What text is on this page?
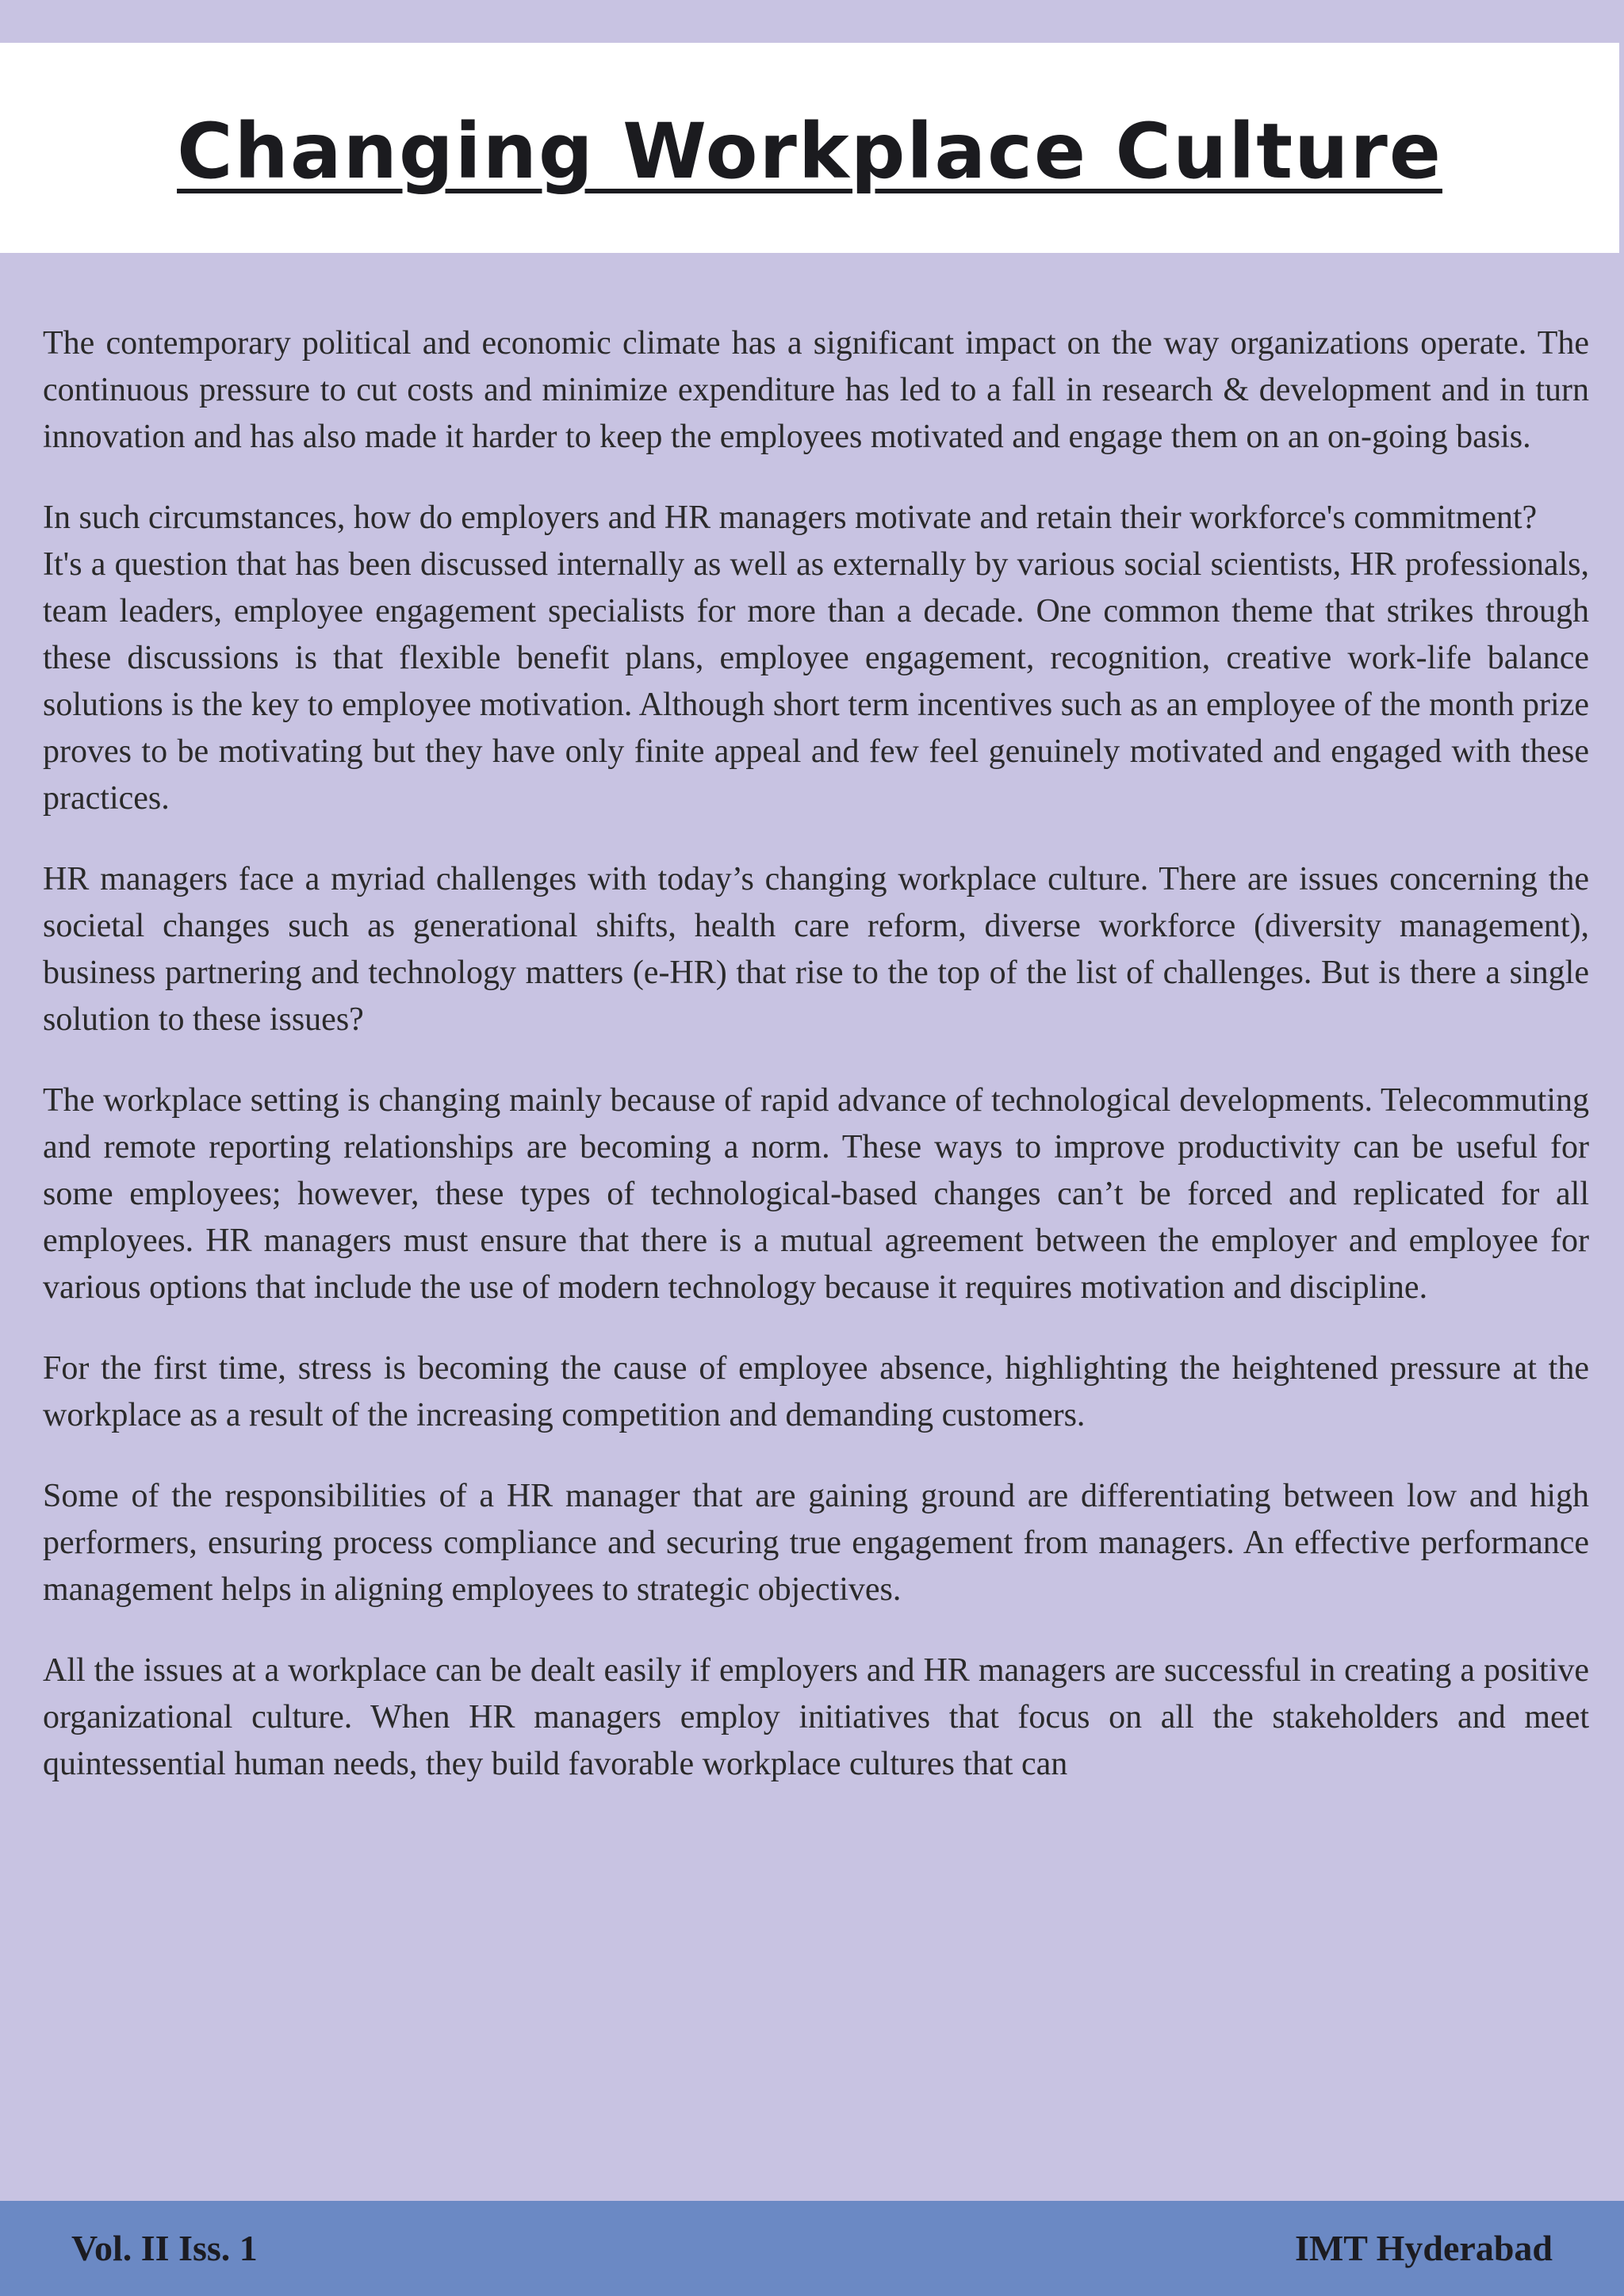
Changing Workplace Culture

The contemporary political and economic climate has a significant impact on the way organizations operate. The continuous pressure to cut costs and minimize expenditure has led to a fall in research & development and in turn innovation and has also made it harder to keep the employees motivated and engage them on an on-going basis.

In such circumstances, how do employers and HR managers motivate and retain their workforce's commitment?

It's a question that has been discussed internally as well as externally by various social scientists, HR professionals, team leaders, employee engagement specialists for more than a decade. One common theme that strikes through these discussions is that flexible benefit plans, employee engagement, recognition, creative work-life balance solutions is the key to employee motivation. Although short term incentives such as an employee of the month prize proves to be motivating but they have only finite appeal and few feel genuinely motivated and engaged with these practices.

HR managers face a myriad challenges with today’s changing workplace culture. There are issues concerning the societal changes such as generational shifts, health care reform, diverse workforce (diversity management), business partnering and technology matters (e-HR) that rise to the top of the list of challenges. But is there a single solution to these issues?

The workplace setting is changing mainly because of rapid advance of technological developments. Telecommuting and remote reporting relationships are becoming a norm. These ways to improve productivity can be useful for some employees; however, these types of technological-based changes can’t be forced and replicated for all employees. HR managers must ensure that there is a mutual agreement between the employer and employee for various options that include the use of modern technology because it requires motivation and discipline.

For the first time, stress is becoming the cause of employee absence, highlighting the heightened pressure at the workplace as a result of the increasing competition and demanding customers.

Some of the responsibilities of a HR manager that are gaining ground are differentiating between low and high performers, ensuring process compliance and securing true engagement from managers. An effective performance management helps in aligning employees to strategic objectives.

All the issues at a workplace can be dealt easily if employers and HR managers are successful in creating a positive organizational culture. When HR managers employ initiatives that focus on all the stakeholders and meet quintessential human needs, they build favorable workplace cultures that can

Vol. II Iss. 1	IMT Hyderabad
